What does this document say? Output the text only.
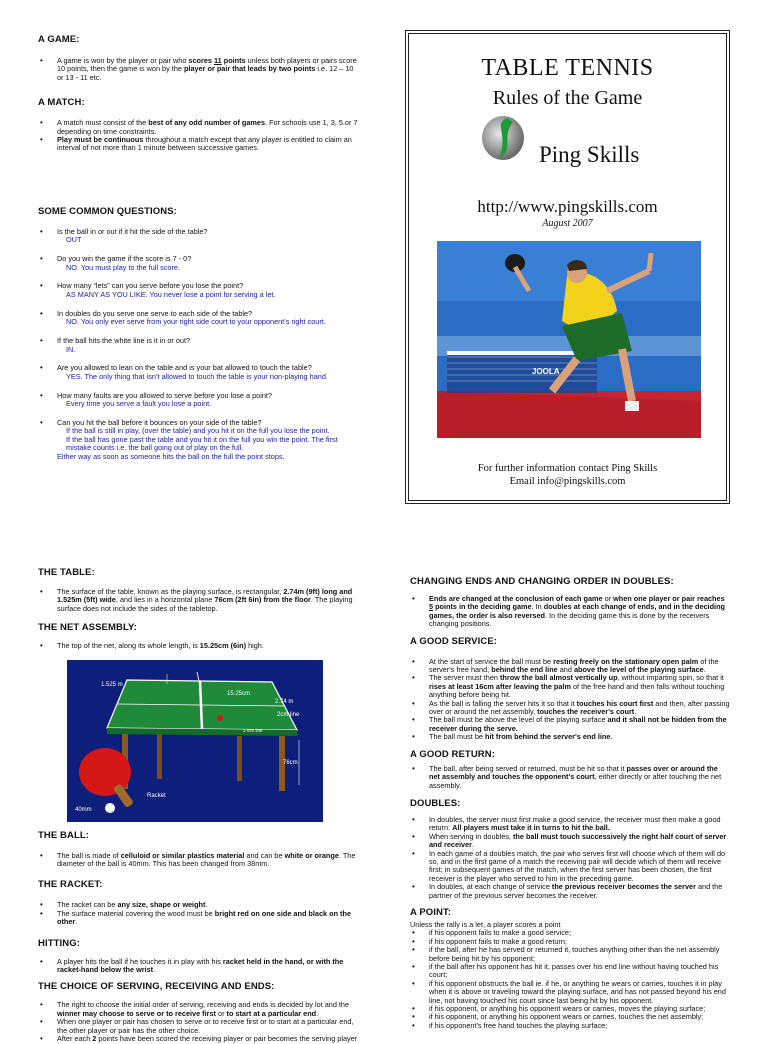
A GAME:

• A game is won by the player or pair who scores 11 points unless both players or pairs score 10 points, then the game is won by the player or pair that leads by two points i.e. 12 – 10 or 13 - 11 etc.

A MATCH:

• A match must consist of the best of any odd number of games. For schools use 1, 3, 5.or 7 depending on time constraints.
• Play must be continuous throughout a match except that any player is entitled to claim an interval of not more than 1 minute between successive games.

SOME COMMON QUESTIONS:

• Is the ball in or out if it hit the side of the table?
OUT
• Do you win the game if the score is 7 - 0?
NO. You must play to the full score.
• How many “lets” can you serve before you lose the point?
AS MANY AS YOU LIKE. You never lose a point for serving a let.
• In doubles do you serve one serve to each side of the table?
NO. You only ever serve from your right side court to your opponent’s right court.
• If the ball hits the white line is it in or out?
IN.
• Are you allowed to lean on the table and is your bat allowed to touch the table?
YES. The only thing that isn’t allowed to touch the table is your non-playing hand.
• How many faults are you allowed to serve before you lose a point?
Every time you serve a fault you lose a point.
• Can you hit the ball before it bounces on your side of the table?
If the ball is still in play, (over the table) and you hit it on the full you lose the point.
If the ball has gone past the table and you hit it on the full you win the point. The first mistake counts i.e. the ball going out of play on the full.
Either way as soon as someone hits the ball on the full the point stops.
TABLE TENNIS
Rules of the Game
Ping Skills
http://www.pingskills.com
August 2007
JOOLA
For further information contact Ping Skills
Email info@pingskills.com

THE TABLE:

• The surface of the table, known as the playing surface, is rectangular, 2.74m (9ft) long and 1.525m (5ft) wide, and lies in a horizontal plane 76cm (2ft 6in) from the floor. The playing surface does not include the sides of the tabletop.

THE NET ASSEMBLY:

• The top of the net, along its whole length, is 15.25cm (6in) high.
1.525 m
15.25cm
2.74 m
2cm line
3 mm line
76cm
Racket
40mm

THE BALL:

• The ball is made of celluloid or similar plastics material and can be white or orange. The diameter of the ball is 40mm. This has been changed from 38mm.

THE RACKET:

• The racket can be any size, shape or weight.
• The surface material covering the wood must be bright red on one side and black on the other.

HITTING:

• A player hits the ball if he touches it in play with his racket held in the hand, or with the racket-hand below the wrist.

THE CHOICE OF SERVING, RECEIVING AND ENDS:

• The right to choose the initial order of serving, receiving and ends is decided by lot and the winner may choose to serve or to receive first or to start at a particular end.
• When one player or pair has chosen to serve or to receive first or to start at a particular end, the other player or pair has the other choice.
• After each 2 points have been scored the receiving player or pair becomes the serving player

CHANGING ENDS AND CHANGING ORDER IN DOUBLES:

• Ends are changed at the conclusion of each game or when one player or pair reaches 5 points in the deciding game. In doubles at each change of ends, and in the deciding games, the order is also reversed. In the deciding game this is done by the receivers changing positions.

A GOOD SERVICE:

• At the start of service the ball must be resting freely on the stationary open palm of the server's free hand, behind the end line and above the level of the playing surface.
• The server must then throw the ball almost vertically up, without imparting spin, so that it rises at least 16cm after leaving the palm of the free hand and then falls without touching anything before being hit.
• As the ball is falling the server hits it so that it touches his court first and then, after passing over or around the net assembly, touches the receiver's court.
• The ball must be above the level of the playing surface and it shall not be hidden from the receiver during the serve.
• The ball must be hit from behind the server's end line.

A GOOD RETURN:

• The ball, after being served or returned, must be hit so that it passes over or around the net assembly and touches the opponent's court, either directly or after touching the net assembly.

DOUBLES:

• In doubles, the server must first make a good service, the receiver must then make a good return. All players must take it in turns to hit the ball.
• When serving in doubles, the ball must touch successively the right half court of server and receiver.
• In each game of a doubles match, the pair who serves first will choose which of them will do so, and in the first game of a match the receiving pair will decide which of them will receive first; in subsequent games of the match, when the first server has been chosen, the first receiver is the player who served to him in the preceding game.
• In doubles, at each change of service the previous receiver becomes the server and the partner of the previous server becomes the receiver.

A POINT:

Unless the rally is a let, a player scores a point
• if his opponent fails to make a good service;
• if his opponent fails to make a good return;
• if the ball, after he has served or returned it, touches anything other than the net assembly before being hit by his opponent;
• if the ball after his opponent has hit it, passes over his end line without having touched his court;
• if his opponent obstructs the ball ie. if he, or anything he wears or carries, touches it in play when it is above or traveling toward the playing surface, and has not passed beyond his end line, not having touched his court since last being hit by his opponent.
• if his opponent, or anything his opponent wears or carries, moves the playing surface;
• if his opponent, or anything his opponent wears or carries, touches the net assembly;
• if his opponent's free hand touches the playing surface;
